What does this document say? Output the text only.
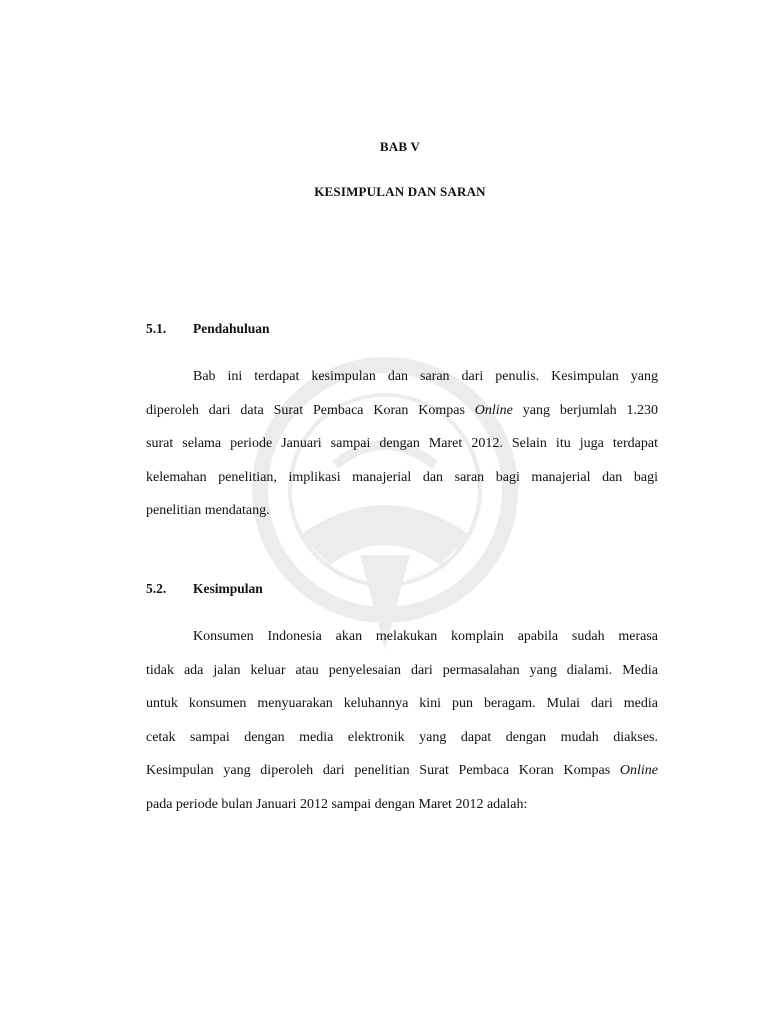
BAB V
KESIMPULAN DAN SARAN
5.1. Pendahuluan
Bab ini terdapat kesimpulan dan saran dari penulis. Kesimpulan yang
diperoleh dari data Surat Pembaca Koran Kompas Online yang berjumlah 1.230
surat selama periode Januari sampai dengan Maret 2012. Selain itu juga terdapat
kelemahan penelitian, implikasi manajerial dan saran bagi manajerial dan bagi
penelitian mendatang.
5.2. Kesimpulan
Konsumen Indonesia akan melakukan komplain apabila sudah merasa
tidak ada jalan keluar atau penyelesaian dari permasalahan yang dialami. Media
untuk konsumen menyuarakan keluhannya kini pun beragam. Mulai dari media
cetak sampai dengan media elektronik yang dapat dengan mudah diakses.
Kesimpulan yang diperoleh dari penelitian Surat Pembaca Koran Kompas Online
pada periode bulan Januari 2012 sampai dengan Maret 2012 adalah:
